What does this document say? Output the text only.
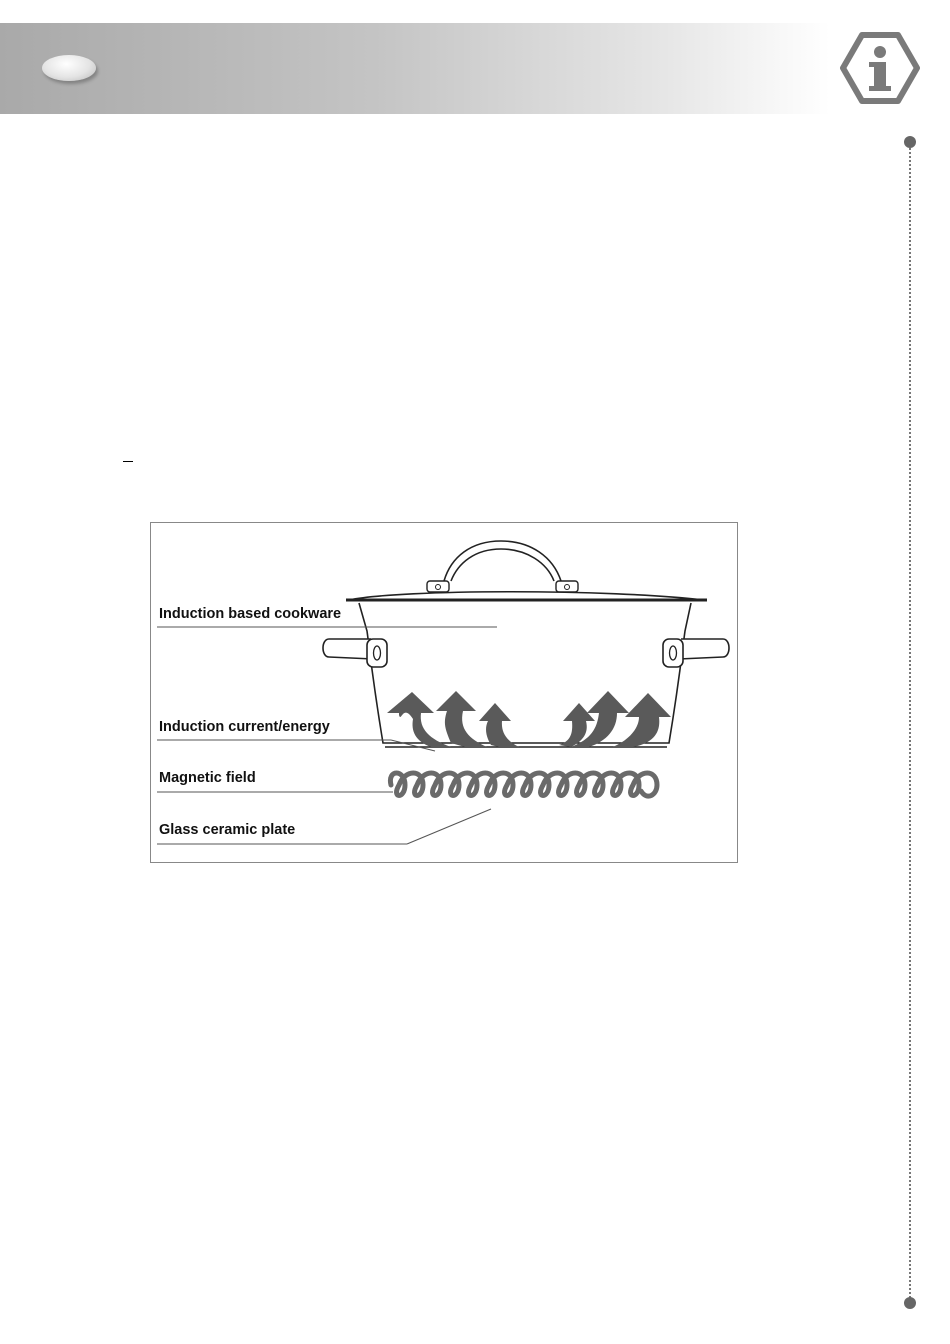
Induction based cookware
Induction current/energy
Magnetic field
Glass ceramic plate
